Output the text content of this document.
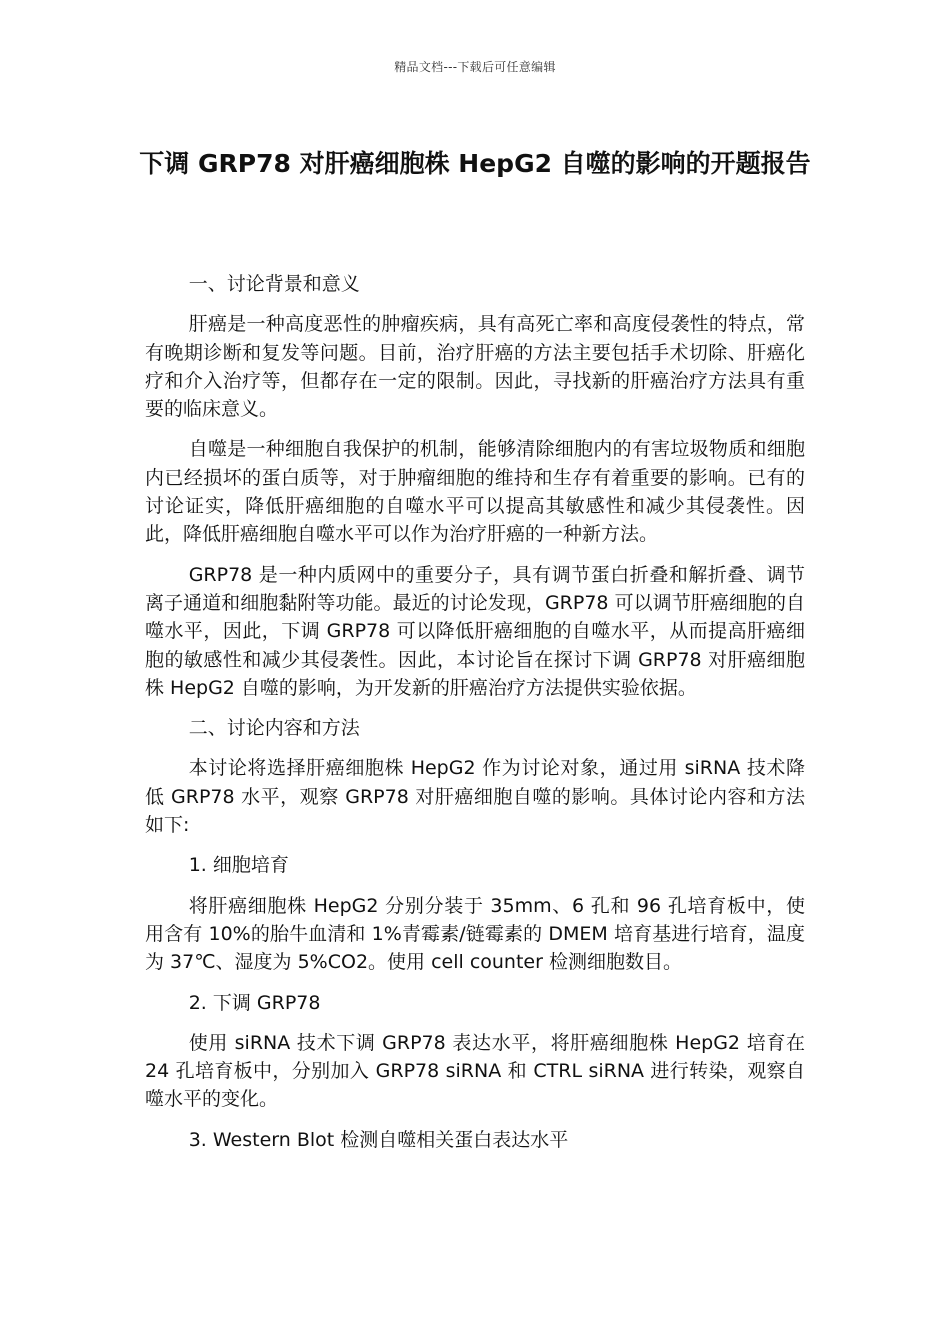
精品文档---下载后可任意编辑
下调 GRP78 对肝癌细胞株 HepG2 自噬的影响的开题报告

一、讨论背景和意义

肝癌是一种高度恶性的肿瘤疾病，具有高死亡率和高度侵袭性的特点，常有晚期诊断和复发等问题。目前，治疗肝癌的方法主要包括手术切除、肝癌化疗和介入治疗等，但都存在一定的限制。因此，寻找新的肝癌治疗方法具有重要的临床意义。

自噬是一种细胞自我保护的机制，能够清除细胞内的有害垃圾物质和细胞内已经损坏的蛋白质等，对于肿瘤细胞的维持和生存有着重要的影响。已有的讨论证实，降低肝癌细胞的自噬水平可以提高其敏感性和减少其侵袭性。因此，降低肝癌细胞自噬水平可以作为治疗肝癌的一种新方法。

GRP78 是一种内质网中的重要分子，具有调节蛋白折叠和解折叠、调节离子通道和细胞黏附等功能。最近的讨论发现，GRP78 可以调节肝癌细胞的自噬水平，因此，下调 GRP78 可以降低肝癌细胞的自噬水平，从而提高肝癌细胞的敏感性和减少其侵袭性。因此，本讨论旨在探讨下调 GRP78 对肝癌细胞株 HepG2 自噬的影响，为开发新的肝癌治疗方法提供实验依据。

二、讨论内容和方法

本讨论将选择肝癌细胞株 HepG2 作为讨论对象，通过用 siRNA 技术降低 GRP78 水平，观察 GRP78 对肝癌细胞自噬的影响。具体讨论内容和方法如下:

1. 细胞培育

将肝癌细胞株 HepG2 分别分装于 35mm、6 孔和 96 孔培育板中，使用含有 10%的胎牛血清和 1%青霉素/链霉素的 DMEM 培育基进行培育，温度为 37℃、湿度为 5%CO2。使用 cell counter 检测细胞数目。

2. 下调 GRP78

使用 siRNA 技术下调 GRP78 表达水平，将肝癌细胞株 HepG2 培育在 24 孔培育板中，分别加入 GRP78 siRNA 和 CTRL siRNA 进行转染，观察自噬水平的变化。

3. Western Blot 检测自噬相关蛋白表达水平
